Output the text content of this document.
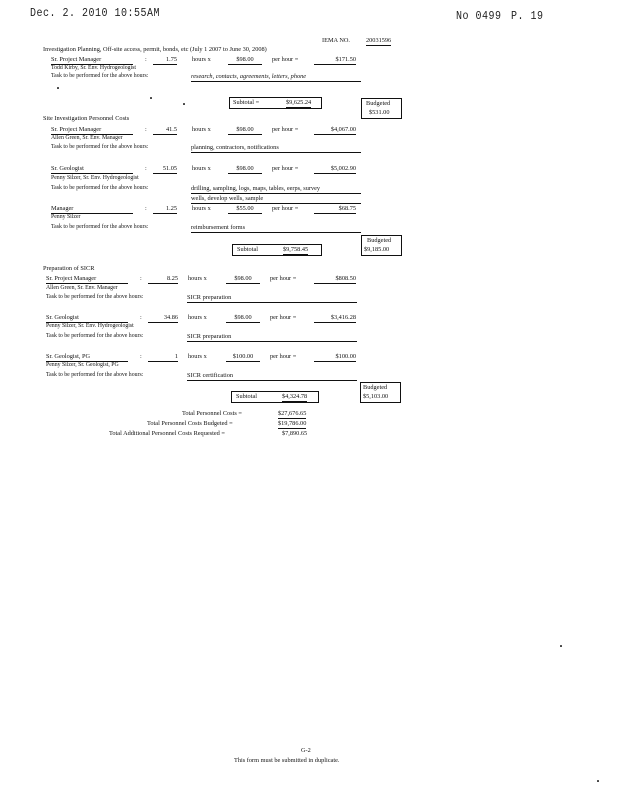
Dec. 2. 2010 10:55AM	No 0499 P. 19
IEMA NO.	20031596
Investigation Planning, Off-site access, permit, bonds, etc (July 1 2007 to June 30, 2008)
Sr. Project Manager	:	1.75 hours x	$98.00	per hour =	$171.50
Todd Kirby, Sr. Env. Hydrogeologist
Task to be performed for the above hours:	research, contacts, agreements, letters, phone
Subtotal =	$9,625.24	Budgeted
$531.00
Site Investigation Personnel Costs
Sr. Project Manager	:	41.5 hours x	$98.00	per hour =	$4,067.00
Allen Green, Sr. Env. Manager
Task to be performed for the above hours:	planning, contractors, notifications
Sr. Geologist	:	51.05 hours x	$98.00	per hour =	$5,002.90
Penny Silzer, Sr. Env. Hydrogeologist
Task to be performed for the above hours:	drilling, sampling, logs, maps, tables, eerps, survey
wells, develop wells, sample
Manager	:	1.25 hours x	$55.00	per hour =	$68.75
Penny Silzer
Task to be performed for the above hours:	reimbursement forms
Subtotal	$9,758.45
Budgeted
$9,185.00
Preparation of SICR
Sr. Project Manager	:	8.25 hours x	$98.00	per hour =	$808.50
Allen Green, Sr. Env. Manager
Task to be performed for the above hours:	SICR preparation
Sr. Geologist	:	34.86 hours x	$98.00	per hour =	$3,416.28
Penny Silzer, Sr. Env. Hydrogeologist
Task to be performed for the above hours:	SICR preparation
Sr. Geologist, PG	:	1 hours x	$100.00	per hour =	$100.00
Penny Silzer, Sr. Geologist, PG
Task to be performed for the above hours:	SICR certification
Subtotal	$4,324.78
Budgeted
$5,103.00
Total Personnel Costs =	$27,676.65
Total Personnel Costs Budgeted =	$19,786.00
Total Additional Personnel Costs Requested =	$7,890.65
G-2
This form must be submitted in duplicate.
